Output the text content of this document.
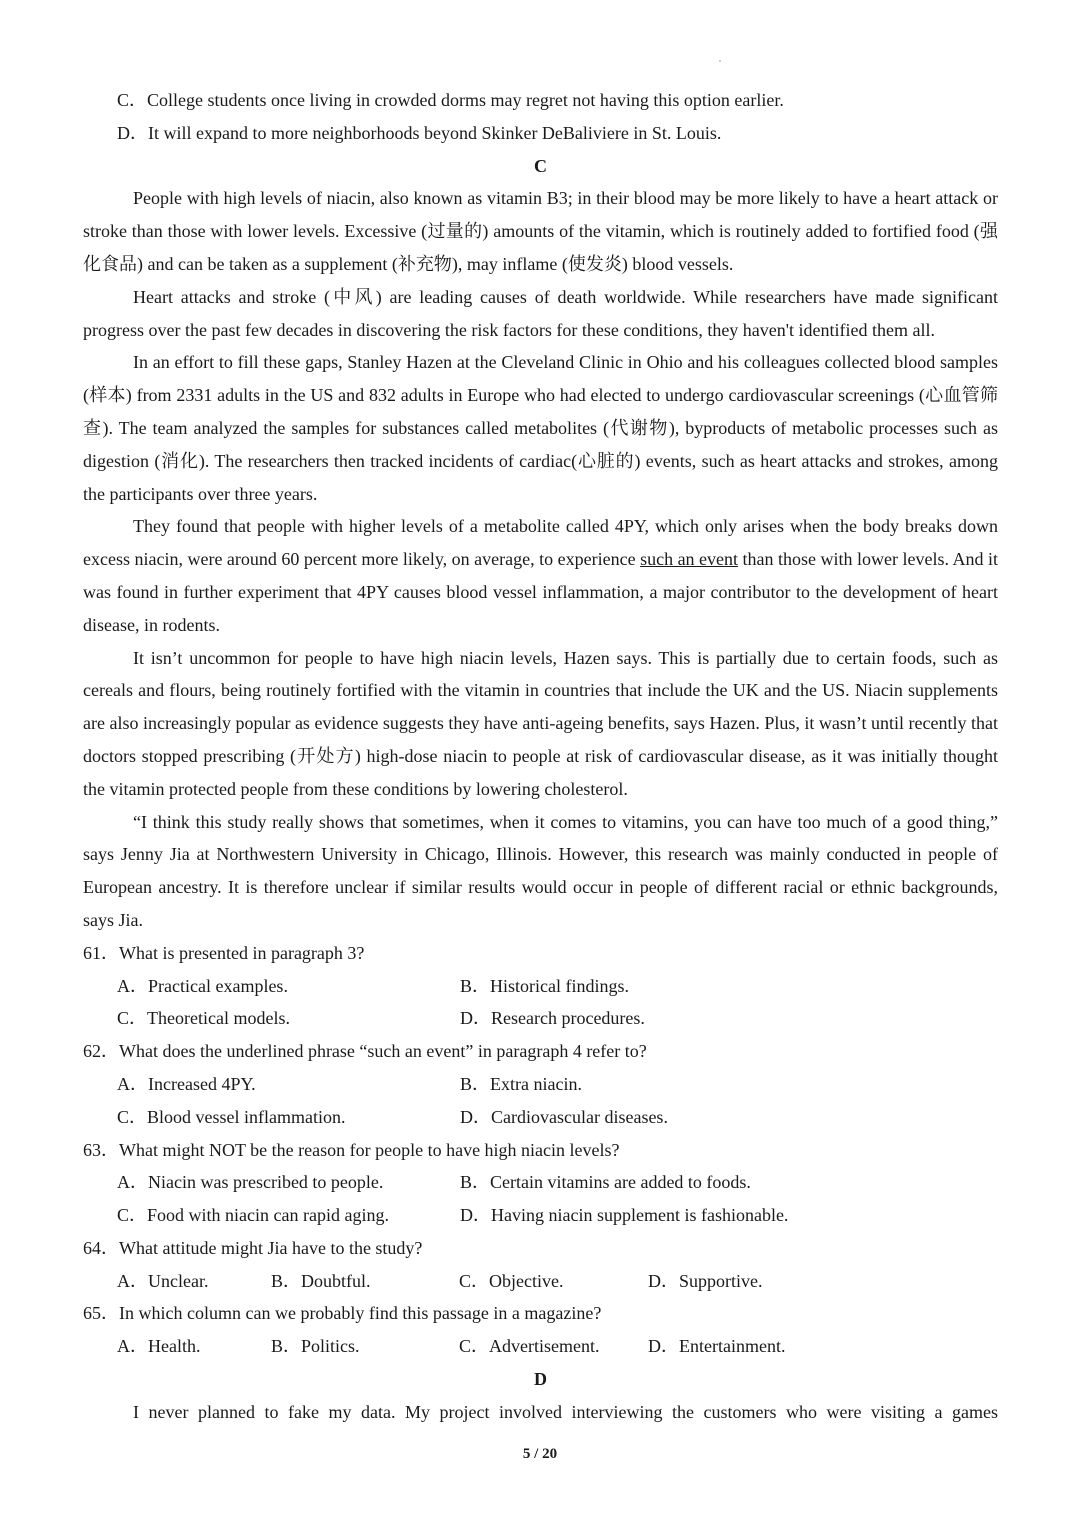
C．College students once living in crowded dorms may regret not having this option earlier.
D．It will expand to more neighborhoods beyond Skinker DeBaliviere in St. Louis.
C

People with high levels of niacin, also known as vitamin B3; in their blood may be more likely to have a heart attack or stroke than those with lower levels. Excessive (过量的) amounts of the vitamin, which is routinely added to fortified food (强化食品) and can be taken as a supplement (补充物), may inflame (使发炎) blood vessels.

Heart attacks and stroke (中风) are leading causes of death worldwide. While researchers have made significant progress over the past few decades in discovering the risk factors for these conditions, they haven't identified them all.

In an effort to fill these gaps, Stanley Hazen at the Cleveland Clinic in Ohio and his colleagues collected blood samples (样本) from 2331 adults in the US and 832 adults in Europe who had elected to undergo cardiovascular screenings (心血管筛查). The team analyzed the samples for substances called metabolites (代谢物), byproducts of metabolic processes such as digestion (消化). The researchers then tracked incidents of cardiac(心脏的) events, such as heart attacks and strokes, among the participants over three years.

They found that people with higher levels of a metabolite called 4PY, which only arises when the body breaks down excess niacin, were around 60 percent more likely, on average, to experience such an event than those with lower levels. And it was found in further experiment that 4PY causes blood vessel inflammation, a major contributor to the development of heart disease, in rodents.

It isn’t uncommon for people to have high niacin levels, Hazen says. This is partially due to certain foods, such as cereals and flours, being routinely fortified with the vitamin in countries that include the UK and the US. Niacin supplements are also increasingly popular as evidence suggests they have anti-ageing benefits, says Hazen. Plus, it wasn’t until recently that doctors stopped prescribing (开处方) high-dose niacin to people at risk of cardiovascular disease, as it was initially thought the vitamin protected people from these conditions by lowering cholesterol.

“I think this study really shows that sometimes, when it comes to vitamins, you can have too much of a good thing,” says Jenny Jia at Northwestern University in Chicago, Illinois. However, this research was mainly conducted in people of European ancestry. It is therefore unclear if similar results would occur in people of different racial or ethnic backgrounds, says Jia.

61．What is presented in paragraph 3?
A．Practical examples.	B．Historical findings.
C．Theoretical models.	D．Research procedures.
62．What does the underlined phrase “such an event” in paragraph 4 refer to?
A．Increased 4PY.	B．Extra niacin.
C．Blood vessel inflammation.	D．Cardiovascular diseases.
63．What might NOT be the reason for people to have high niacin levels?
A．Niacin was prescribed to people.	B．Certain vitamins are added to foods.
C．Food with niacin can rapid aging.	D．Having niacin supplement is fashionable.
64．What attitude might Jia have to the study?
A．Unclear.	B．Doubtful.	C．Objective.	D．Supportive.
65．In which column can we probably find this passage in a magazine?
A．Health.	B．Politics.	C．Advertisement.	D．Entertainment.
D

I never planned to fake my data. My project involved interviewing the customers who were visiting a games

5 / 20
